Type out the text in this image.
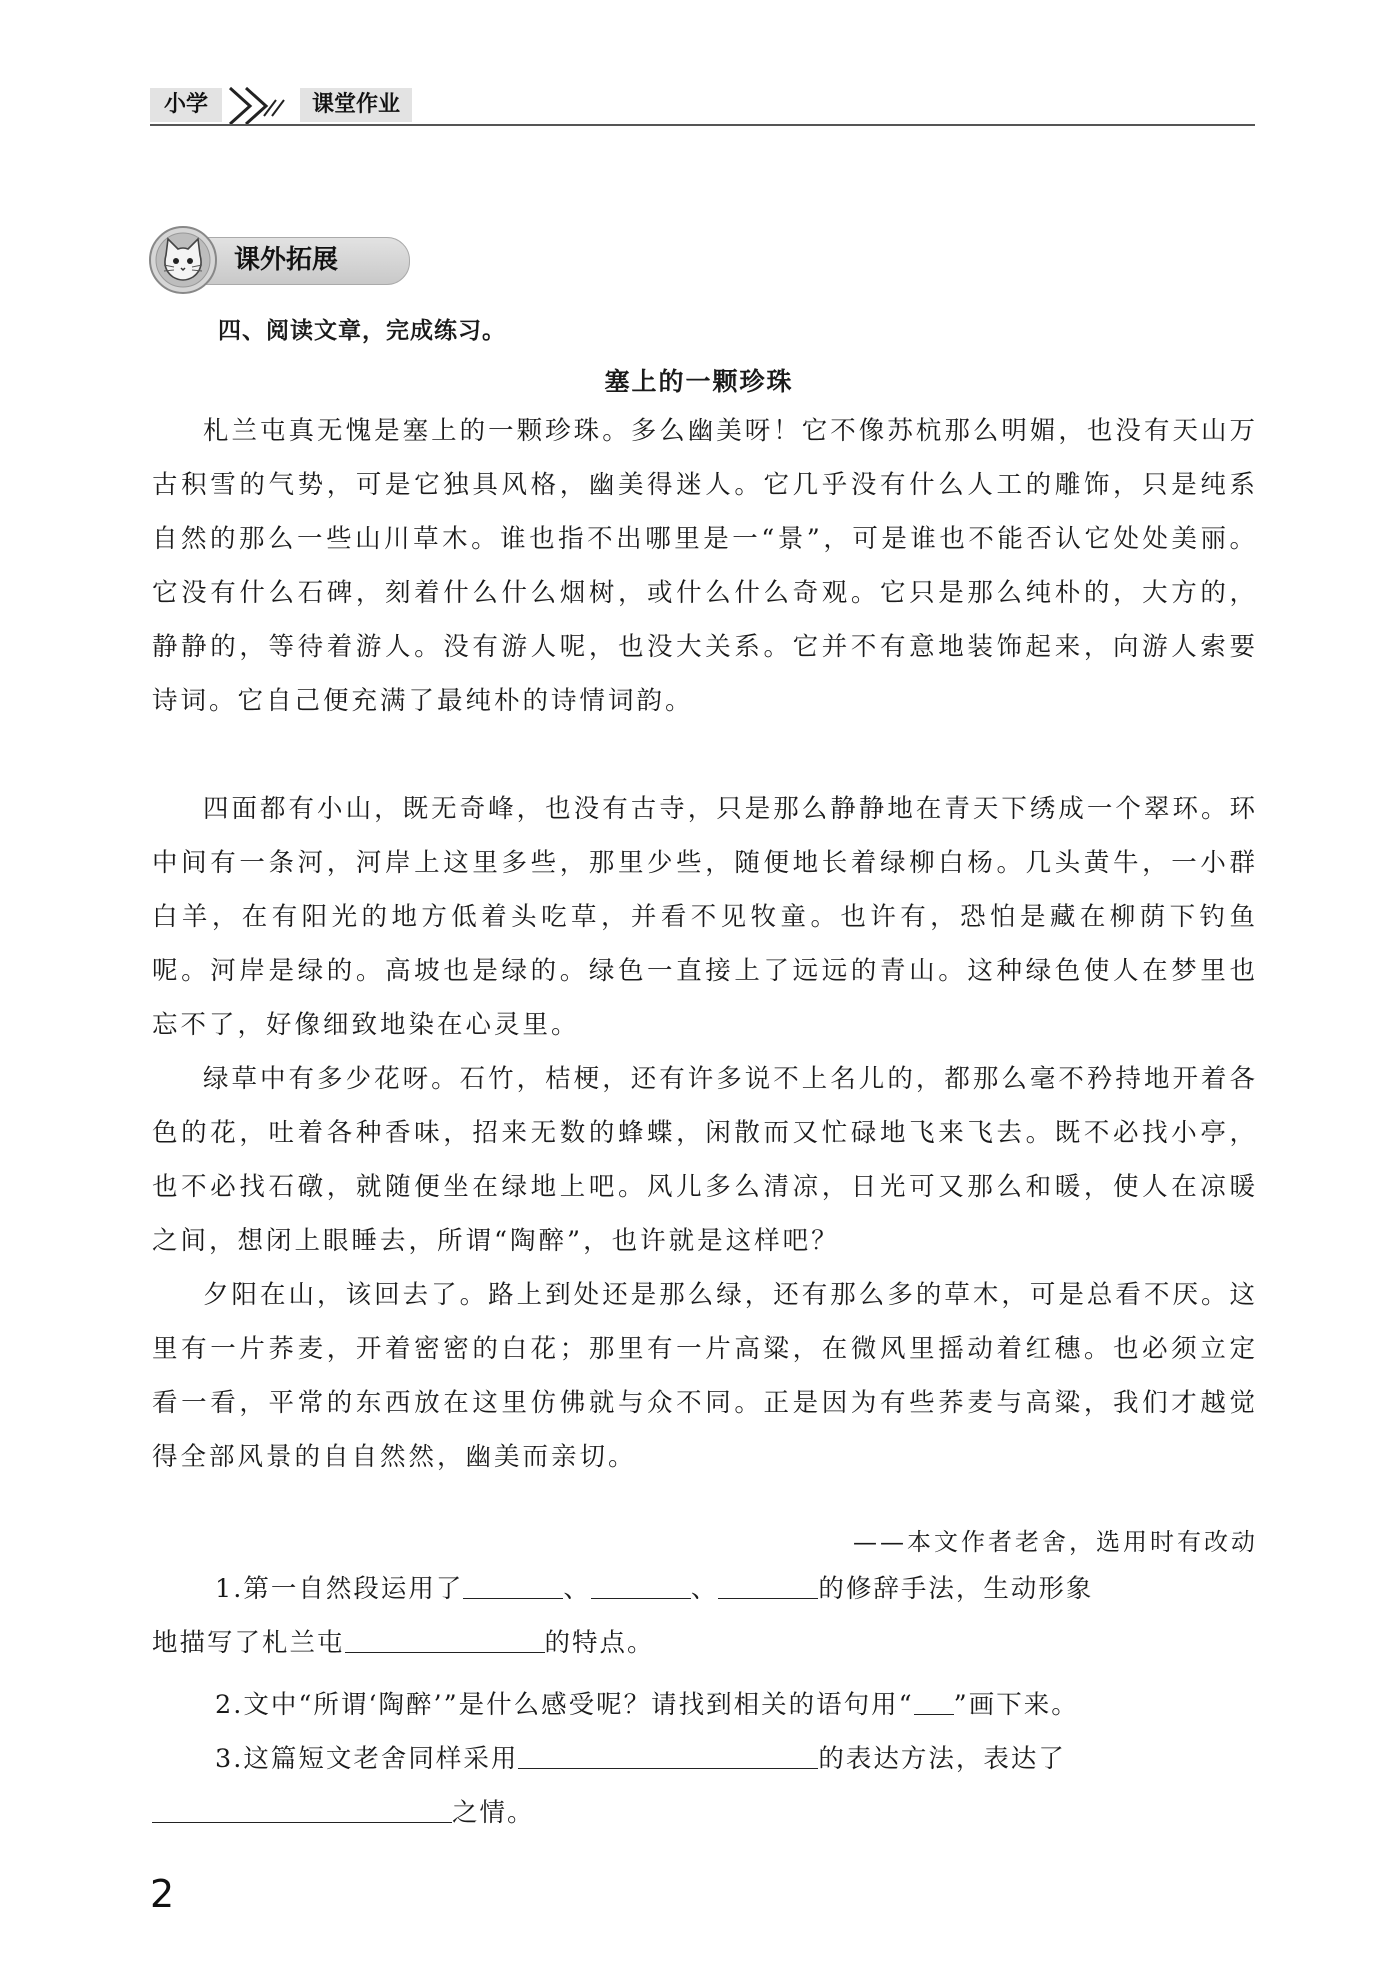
小学	课堂作业
课外拓展
四、阅读文章，完成练习。
塞上的一颗珍珠

札兰屯真无愧是塞上的一颗珍珠。多么幽美呀！它不像苏杭那么明媚，也没有天山万古积雪的气势，可是它独具风格，幽美得迷人。它几乎没有什么人工的雕饰，只是纯系自然的那么一些山川草木。谁也指不出哪里是一“景”，可是谁也不能否认它处处美丽。它没有什么石碑，刻着什么什么烟树，或什么什么奇观。它只是那么纯朴的，大方的，静静的，等待着游人。没有游人呢，也没大关系。它并不有意地装饰起来，向游人索要诗词。它自己便充满了最纯朴的诗情词韵。

四面都有小山，既无奇峰，也没有古寺，只是那么静静地在青天下绣成一个翠环。环中间有一条河，河岸上这里多些，那里少些，随便地长着绿柳白杨。几头黄牛，一小群白羊，在有阳光的地方低着头吃草，并看不见牧童。也许有，恐怕是藏在柳荫下钓鱼呢。河岸是绿的。高坡也是绿的。绿色一直接上了远远的青山。这种绿色使人在梦里也忘不了，好像细致地染在心灵里。

绿草中有多少花呀。石竹，桔梗，还有许多说不上名儿的，都那么毫不矜持地开着各色的花，吐着各种香味，招来无数的蜂蝶，闲散而又忙碌地飞来飞去。既不必找小亭，也不必找石礅，就随便坐在绿地上吧。风儿多么清凉，日光可又那么和暖，使人在凉暖之间，想闭上眼睡去，所谓“陶醉”，也许就是这样吧？

夕阳在山，该回去了。路上到处还是那么绿，还有那么多的草木，可是总看不厌。这里有一片荞麦，开着密密的白花；那里有一片高粱，在微风里摇动着红穗。也必须立定看一看，平常的东西放在这里仿佛就与众不同。正是因为有些荞麦与高粱，我们才越觉得全部风景的自自然然，幽美而亲切。

——本文作者老舍，选用时有改动
1.第一自然段运用了	、	、	的修辞手法，生动形象
地描写了札兰屯	的特点。
2.文中“所谓‘陶醉’”是什么感受呢？请找到相关的语句用“ ”画下来。
3.这篇短文老舍同样采用	的表达方法，表达了
之情。
2
